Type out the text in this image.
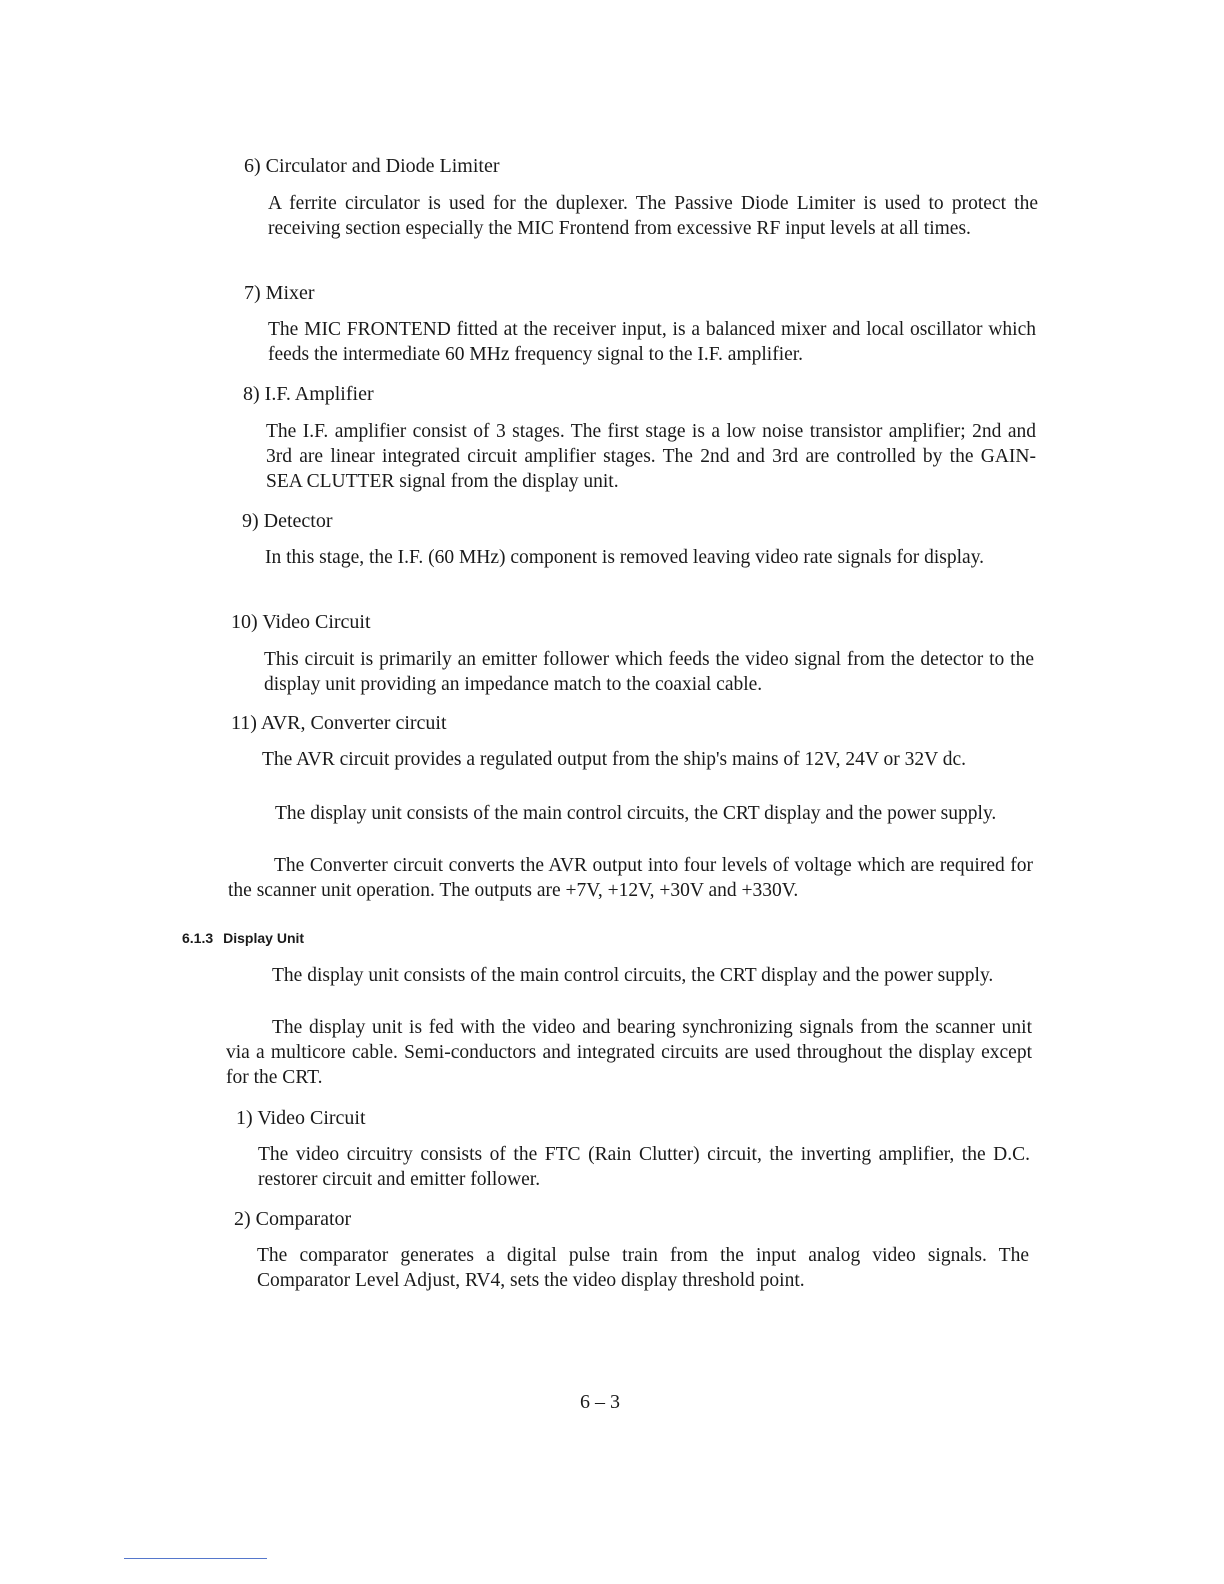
6) Circulator and Diode Limiter
A ferrite circulator is used for the duplexer. The Passive Diode Limiter is used to protect the receiving section especially the MIC Frontend from excessive RF input levels at all times.
7) Mixer
The MIC FRONTEND fitted at the receiver input, is a balanced mixer and local oscillator which feeds the intermediate 60 MHz frequency signal to the I.F. amplifier.
8) I.F. Amplifier
The I.F. amplifier consist of 3 stages. The first stage is a low noise transistor amplifier; 2nd and 3rd are linear integrated circuit amplifier stages. The 2nd and 3rd are controlled by the GAIN-SEA CLUTTER signal from the display unit.
9) Detector
In this stage, the I.F. (60 MHz) component is removed leaving video rate signals for display.
10) Video Circuit
This circuit is primarily an emitter follower which feeds the video signal from the detector to the display unit providing an impedance match to the coaxial cable.
11) AVR, Converter circuit
The AVR circuit provides a regulated output from the ship's mains of 12V, 24V or 32V dc.
The display unit consists of the main control circuits, the CRT display and the power supply.
The Converter circuit converts the AVR output into four levels of voltage which are required for the scanner unit operation. The outputs are +7V, +12V, +30V and +330V.
6.1.3 Display Unit
The display unit consists of the main control circuits, the CRT display and the power supply.
The display unit is fed with the video and bearing synchronizing signals from the scanner unit via a multicore cable. Semi-conductors and integrated circuits are used throughout the display except for the CRT.
1) Video Circuit
The video circuitry consists of the FTC (Rain Clutter) circuit, the inverting amplifier, the D.C. restorer circuit and emitter follower.
2) Comparator
The comparator generates a digital pulse train from the input analog video signals. The Comparator Level Adjust, RV4, sets the video display threshold point.
6 – 3
